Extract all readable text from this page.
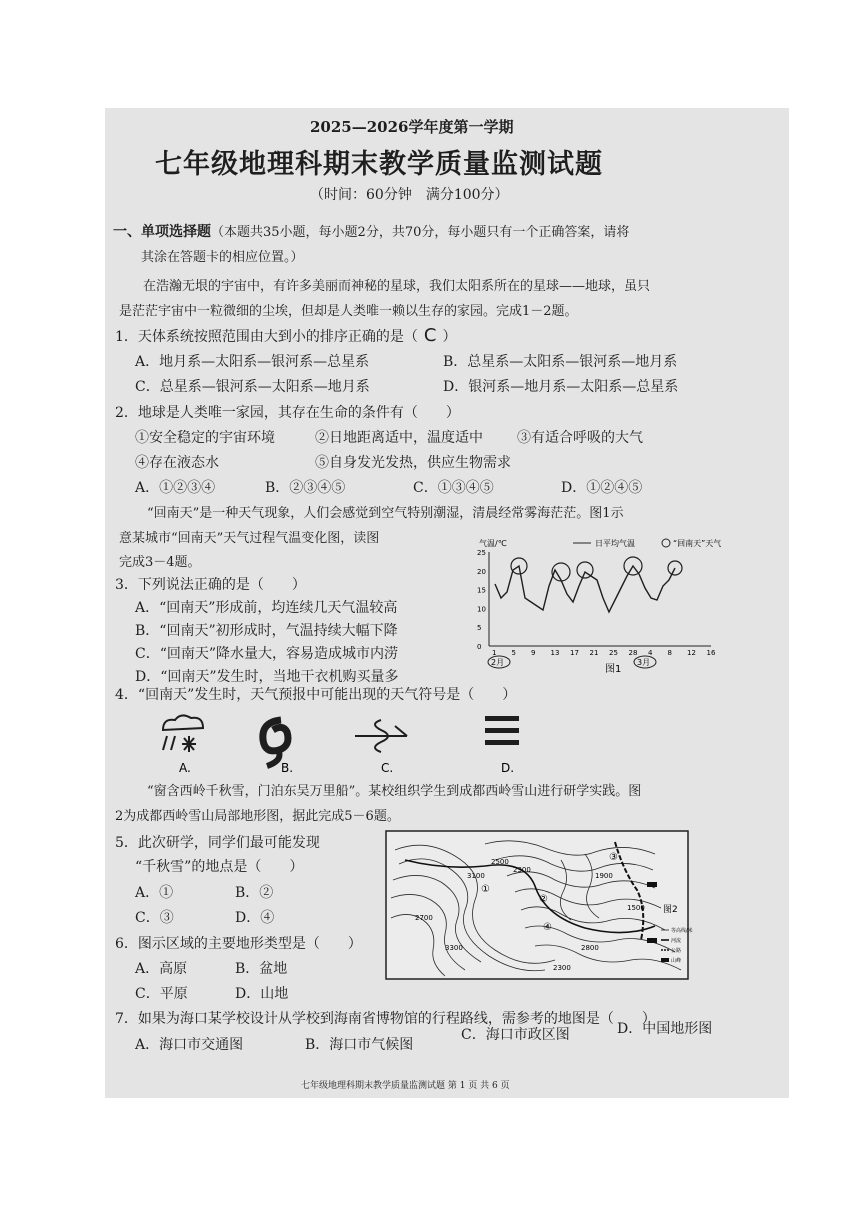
2025—2026学年度第一学期
七年级地理科期末教学质量监测试题
（时间：60分钟　满分100分）
一、单项选择题（本题共35小题，每小题2分，共70分，每小题只有一个正确答案，请将
其涂在答题卡的相应位置。）
在浩瀚无垠的宇宙中，有许多美丽而神秘的星球，我们太阳系所在的星球——地球，虽只
是茫茫宇宙中一粒微细的尘埃，但却是人类唯一赖以生存的家园。完成1－2题。
1．天体系统按照范围由大到小的排序正确的是（ C ）
A．地月系—太阳系—银河系—总星系	B．总星系—太阳系—银河系—地月系
C．总星系—银河系—太阳系—地月系	D．银河系—地月系—太阳系—总星系
2．地球是人类唯一家园，其存在生命的条件有（　　）
①安全稳定的宇宙环境	②日地距离适中，温度适中 ③有适合呼吸的大气
④存在液态水	⑤自身发光发热，供应生物需求
A．①②③④	B．②③④⑤	C．①③④⑤	D．①②④⑤
“回南天”是一种天气现象，人们会感觉到空气特别潮湿，清晨经常雾海茫茫。图1示
意某城市“回南天”天气过程气温变化图，读图
完成3－4题。
3．下列说法正确的是（　　）
A．“回南天”形成前，均连续几天气温较高
B．“回南天”初形成时，气温持续大幅下降
C．“回南天”降水量大，容易造成城市内涝
D．“回南天”发生时，当地干衣机购买量多
气温/℃	日平均气温	“回南天”天气
25
20
15
10
5
0
1 5 9 13 17 21 25 28 4 8 12 16
2月	3月
图1
4．“回南天”发生时，天气预报中可能出现的天气符号是（　　）
A.	B.	C.	D.
“窗含西岭千秋雪，门泊东吴万里船”。某校组织学生到成都西岭雪山进行研学实践。图
2为成都西岭雪山局部地形图，据此完成5－6题。
5．此次研学，同学们最可能发现
“千秋雪”的地点是（　　）
A．①	B．②
C．③	D．④
6．图示区域的主要地形类型是（　　）
A．高原	B．盆地
C．平原	D．山地
2500
3100
2300
1900
2700
3300
1500
2300
2800
①
②
③
④
图2
等高线/米
河流
公路
山峰
7．如果为海口某学校设计从学校到海南省博物馆的行程路线，需参考的地图是（　　）
A．海口市交通图	B．海口市气候图
C．海口市政区图	D．中国地形图
七年级地理科期末教学质量监测试题 第 1 页 共 6 页
